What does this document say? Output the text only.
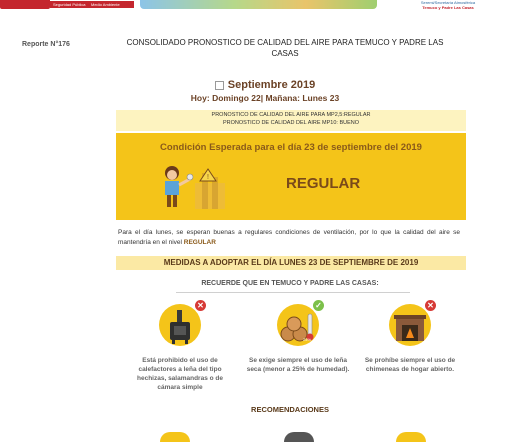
Seguridad Pública	Medio Ambiente	Seremi/Secretaría Atmosférica
Temuco y Padre Las Casas
Reporte N°176	CONSOLIDADO PRONOSTICO DE CALIDAD DEL AIRE PARA TEMUCO Y PADRE LAS CASAS
Septiembre 2019
Hoy: Domingo 22| Mañana: Lunes 23
PRONOSTICO DE CALIDAD DEL AIRE PARA MP2,5:REGULAR
PRONOSTICO DE CALIDAD DEL AIRE MP10: BUENO
Condición Esperada para el día 23 de septiembre del 2019
!	REGULAR
Para el día lunes, se esperan buenas a regulares condiciones de ventilación, por lo que la calidad del aire se mantendría en el nivel REGULAR
MEDIDAS A ADOPTAR EL DÍA LUNES 23 DE SEPTIEMBRE DE 2019
RECUERDE QUE EN TEMUCO Y PADRE LAS CASAS:
✕
25%
✓	✕
Está prohibido el uso de calefactores a leña del tipo hechizas, salamandras o de cámara simple
Se exige siempre el uso de leña seca (menor a 25% de humedad).
Se prohíbe siempre el uso de chimeneas de hogar abierto.
RECOMENDACIONES
